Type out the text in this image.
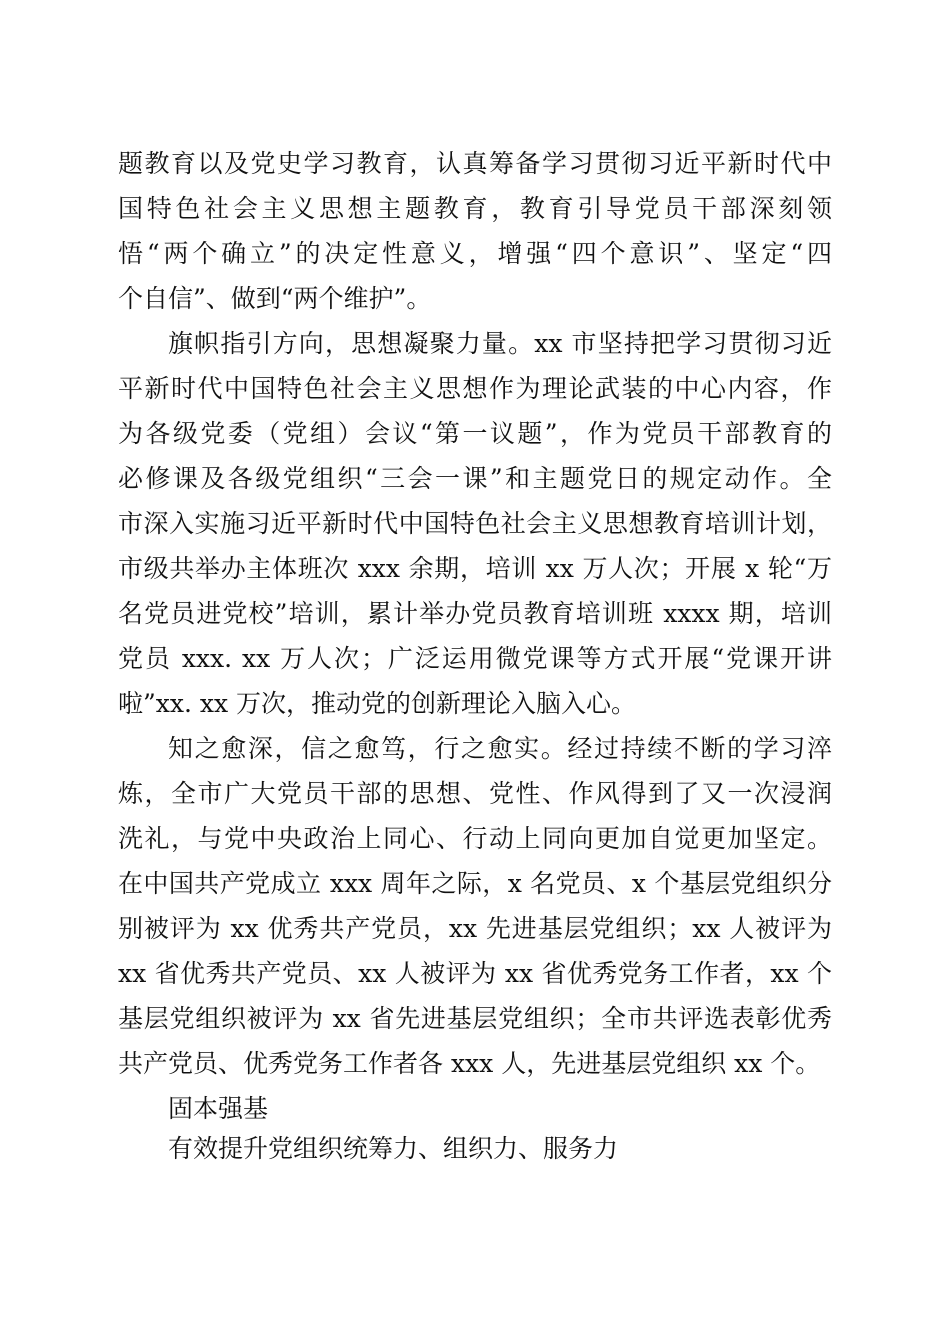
题教育以及党史学习教育，认真筹备学习贯彻习近平新时代中
国特色社会主义思想主题教育，教育引导党员干部深刻领
悟“两个确立”的决定性意义，增强“四个意识”、坚定“四
个自信”、做到“两个维护”。
旗帜指引方向，思想凝聚力量。xx 市坚持把学习贯彻习近
平新时代中国特色社会主义思想作为理论武装的中心内容，作
为各级党委（党组）会议“第一议题”，作为党员干部教育的
必修课及各级党组织“三会一课”和主题党日的规定动作。全
市深入实施习近平新时代中国特色社会主义思想教育培训计划，
市级共举办主体班次 xxx 余期，培训 xx 万人次；开展 x 轮“万
名党员进党校”培训，累计举办党员教育培训班 xxxx 期，培训
党员 xxx. xx 万人次；广泛运用微党课等方式开展“党课开讲
啦”xx. xx 万次，推动党的创新理论入脑入心。
知之愈深，信之愈笃，行之愈实。经过持续不断的学习淬
炼，全市广大党员干部的思想、党性、作风得到了又一次浸润
洗礼，与党中央政治上同心、行动上同向更加自觉更加坚定。
在中国共产党成立 xxx 周年之际，x 名党员、x 个基层党组织分
别被评为 xx 优秀共产党员，xx 先进基层党组织；xx 人被评为
xx 省优秀共产党员、xx 人被评为 xx 省优秀党务工作者，xx 个
基层党组织被评为 xx 省先进基层党组织；全市共评选表彰优秀
共产党员、优秀党务工作者各 xxx 人，先进基层党组织 xx 个。
固本强基
有效提升党组织统筹力、组织力、服务力
